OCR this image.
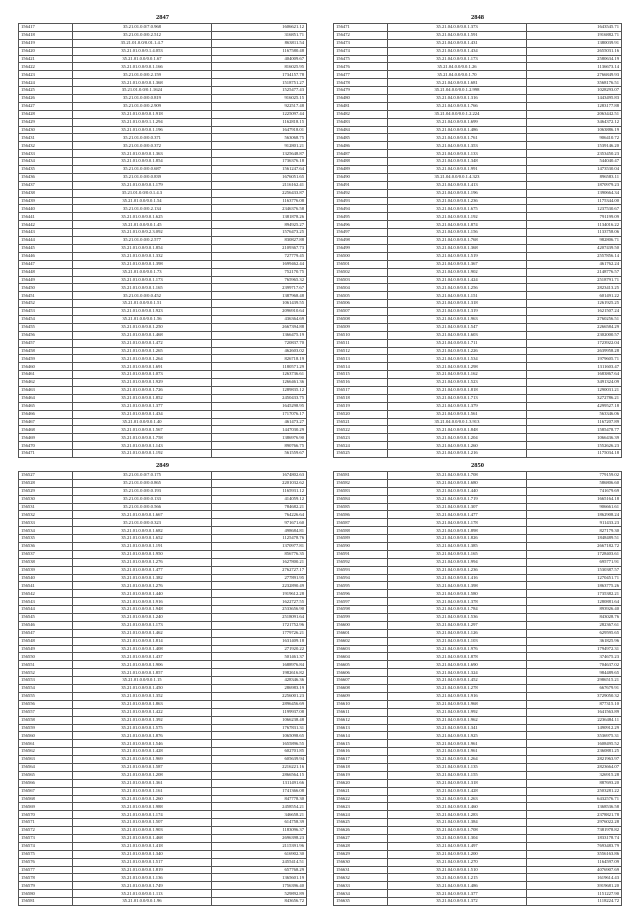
2847
156417	35.21.01.0.0/7.0.968	1606621.12
156418	35.21.01.0.0/0.2.512	316851.71
156419	35.21.01.0.0/0.01.1.4.7	863811.54
156420	35.21.01.0.0/0.1.4.053	1167580.48
156421	35.21.01.0.0/0.0.1.67	404009.67
156422	35.21.01.0.0/0.0.1.166	816025.95
156423	35.21.01.0.0/0.2.159	1734157.78
156424	35.21.01.0.0/0.0.1.368	1518751.27
156425	35.21.01.0.0/0.1.1624	1525477.43
156426	35.21.01.0.0/0.0.819	916025.15
156427	35.21.01.0.0/0.2.909	922517.48
156428	35.21.01.0.0/0.0.1.918	1225097.44
156429	35.21.01.0.0/0.1.1.294	1162818.15
156430	35.21.01.0.0/0.0.1.196	1647918.01
156431	35.21.01.0.0/0.0.371	563068.75
156432	35.21.01.0.0/0.0.372	912801.21
156433	35.21.01.0.0/0.0.1.363	1325648.87
156434	35.21.01.0.0/0.0.1.854	1736376.18
156435	35.21.01.0.0/0.0.687	1561247.64
156436	35.21.01.0.0/0.0.839	1676051.65
156437	35.21.01.0.0/0.0.1.179	2116162.41
156438	35.21.01.0.0/0.0.1.4.3	2256433.87
156439	35.21.01.0.0/0.0.1.54	1163776.08
156440	35.21.01.0.0/0.2.134	2346376.58
156441	35.21.01.0.0/0.0.1.625	1381878.26
156442	35.21.01.0.0/0.0.1.45	894925.27
156443	35.21.01.0.0/0.2.3.092	1576473.25
156444	35.21.01.0.0/0.2.577	830827.88
156445	35.21.01.0.0/0.0.1.854	2109367.73
156446	35.21.01.0.0/0.0.1.332	727779.45
156447	35.21.01.0.0/0.0.1.398	1699462.44
156448	35.21.01.0.0/0.0.1.73	752170.75
156449	35.21.01.0.0/0.0.1.173	765965.32
156450	35.21.01.0.0/0.0.1.165	2399717.67
156451	35.21.01.0.0/0.0.452	1387968.48
156452	35.21.01.0.0/0.0.1.51	1061439.55
156453	35.21.01.0.0/0.0.1.923	2096910.64
156454	35.21.01.0.0/0.0.1.56	436364.69
156455	35.21.01.0.0/0.0.1.250	2667394.88
156456	35.21.01.0.0/0.0.1.468	1366475.19
156457	35.21.01.0.0/0.0.1.472	720837.70
156458	35.21.01.0.0/0.0.1.265	462603.02
156459	35.21.01.0.0/0.0.1.264	826718.19
156460	35.21.01.0.0/0.0.1.691	1180571.29
156461	35.21.01.0.0/0.0.1.073	1263736.61
156462	35.21.01.0.0/0.0.1.929	1266461.36
156463	35.21.01.0.0/0.0.1.726	1289835.12
156464	35.21.01.0.0/0.0.1.852	2450433.75
156465	35.21.01.0.0/0.0.1.377	1645298.95
156466	35.21.01.0.0/0.0.1.434	1717076.17
156467	35.21.01.0.0/0.0.1.40	461473.27
156468	35.21.01.0.0/0.0.1.567	1447030.29
156469	35.21.01.0.0/0.0.1.758	1386976.90
156470	35.21.01.0.0/0.0.1.143	890766.75
156471	35.21.01.0.0/0.0.1.192	561559.67
2848
156471	35.21.04.0.0/0.0.1.373	1643545.71
156472	35.21.04.0.0/0.0.1.591	1916882.71
156473	35.21.04.0.0/0.0.1.431	1380039.91
156474	35.21.04.0.0/0.0.1.434	2655031.16
156475	35.21.04.0.0/0.0.1.173	2580634.19
156476	35.21.04.0.0/0.0.1.26	1136673.14
156477	35.21.04.0.0/0.0.1.70	2766849.93
156478	35.21.04.0.0/0.0.1.681	3568176.51
156479	35.21.04.0.0/0.0.1.2.998	1028293.07
156480	35.21.04.0.0/0.0.1.316	1443495.83
156481	35.21.04.0.0/0.0.1.766	1283177.88
156482	35.21.04.0.0/0.0.1.2.224	2063442.51
156483	35.21.04.0.0/0.0.1.699	3464372.12
156484	35.21.04.0.0/0.0.1.486	1063886.19
156485	35.21.04.0.0/0.0.1.761	906410.72
156486	35.21.04.0.0/0.0.1.353	1539146.20
156487	35.21.04.0.0/0.0.1.133	2353450.23
156488	35.21.04.0.0/0.0.1.348	544040.47
156489	35.21.04.0.0/0.0.1.991	1473530.04
156490	35.21.04.0.0/0.0.1.4.323	896583.11
156491	35.21.04.0.0/0.0.1.413	1870979.23
156492	35.21.04.0.0/0.0.1.196	1390664.34
156493	35.21.04.0.0/0.0.1.236	1175344.00
156494	35.21.04.0.0/0.0.1.675	1237530.67
156495	35.21.04.0.0/0.0.1.192	791199.09
156496	35.21.04.0.0/0.0.1.874	1134016.22
156497	35.21.04.0.0/0.0.1.156	1133758.06
156498	35.21.04.0.0/0.0.1.768	982806.71
156499	35.21.04.0.0/0.0.1.368	4207439.50
156500	35.21.04.0.0/0.0.1.519	2557856.14
156501	35.21.04.0.0/0.0.1.367	461762.24
156502	35.21.04.0.0/0.0.1.902	2148776.57
156503	35.21.04.0.0/0.0.1.424	2518791.71
156504	35.21.04.0.0/0.0.1.256	2823413.25
156505	35.21.04.0.0/0.0.1.151	601491.22
156506	35.21.04.0.0/0.0.1.318	1261925.25
156507	35.21.04.0.0/0.0.1.319	1621507.24
156508	35.21.04.0.0/0.0.1.963	2760256.51
156509	35.21.04.0.0/0.0.1.547	2266584.29
156510	35.21.04.0.0/0.0.1.603	2302000.57
156511	35.21.04.0.0/0.0.1.711	1723922.04
156512	35.21.04.0.0/0.0.1.226	2639958.28
156513	35.21.04.0.0/0.0.1.534	1979605.71
156514	35.21.04.0.0/0.0.1.298	1311603.47
156515	35.21.04.0.0/0.0.1.162	1683867.64
156516	35.21.04.0.0/0.0.1.523	3491324.09
156517	35.21.04.0.0/0.0.1.818	1290031.21
156518	35.21.04.0.0/0.0.1.713	3272786.21
156519	35.21.04.0.0/0.0.1.379	4299527.18
156520	35.21.04.0.0/0.0.1.561	563346.06
156521	35.21.04.0.0/0.0.1.3.913	1167207.89
156522	35.21.04.0.0/0.0.1.848	1585478.77
156523	35.21.04.0.0/0.0.1.204	1066436.39
156524	35.21.04.0.0/0.0.1.260	1552626.23
156525	35.21.04.0.0/0.0.1.216	1175034.18
2849
156527	35.21.01.0.0/7.0.175	1674802.63
156528	35.21.01.0.0/0.0.865	2201032.62
156529	35.21.01.0.0/0.0.193	1165931.12
156530	35.21.01.0.0/0.0.133	414059.12
156531	35.21.01.0.0/0.0.566	784682.21
156532	35.21.01.0.0/0.0.1.667	764226.64
156533	35.21.01.0.0/0.0.323	971671.60
156534	35.21.01.0.0/0.0.1.682	498684.81
156535	35.21.01.0.0/0.0.1.652	1125478.76
156536	35.21.01.0.0/0.0.1.191	1370977.81
156537	35.21.01.0.0/0.0.1.950	856776.35
156538	35.21.01.0.0/0.0.1.276	1627800.21
156539	35.21.01.0.0/0.0.1.477	2762727.17
156540	35.21.01.0.0/0.0.1.382	277891.95
156541	35.21.01.0.0/0.0.1.276	2232890.49
156542	35.21.01.0.0/0.0.1.440	1919612.28
156543	35.21.01.0.0/0.0.1.916	1622727.55
156544	35.21.01.0.0/0.0.1.948	2533656.90
156545	35.21.01.0.0/0.0.1.240	2518091.64
156546	35.21.01.0.0/0.0.1.173	1721752.96
156547	35.21.01.0.0/0.0.1.462	1779726.21
156548	35.21.01.0.0/0.0.1.814	1631409.18
156549	35.21.01.0.0/0.0.1.408	271920.22
156550	35.21.01.0.0/0.0.1.437	501461.37
156551	35.21.01.0.0/0.0.1.906	1688976.84
156552	35.21.01.0.0/0.0.1.857	1982616.82
156553	35.21.01.0.0/0.0.1.15	428346.36
156554	35.21.01.0.0/0.0.1.450	286983.19
156555	35.21.01.0.0/0.0.1.352	2256001.23
156556	35.21.01.0.0/0.0.1.863	2896456.69
156557	35.21.01.0.0/0.0.1.422	1199937.08
156558	35.21.01.0.0/0.0.1.392	1066238.48
156559	35.21.01.0.0/0.0.1.575	1767831.31
156560	35.21.01.0.0/0.0.1.876	1065098.65
156561	35.21.01.0.0/0.0.1.546	1655896.55
156562	35.21.01.0.0/0.0.1.428	602701.85
156563	35.21.01.0.0/0.0.1.969	605639.94
156564	35.21.01.0.0/0.0.1.587	2216221.16
156565	35.21.01.0.0/0.0.1.208	2866564.15
156566	35.21.01.0.0/0.0.1.361	1311491.66
156567	35.21.01.0.0/0.0.1.161	1741366.08
156568	35.21.01.0.0/0.0.1.260	847778.30
156569	35.21.01.0.0/0.0.1.988	2458554.21
156570	35.21.01.0.0/0.0.1.174	346658.21
156571	35.21.01.0.0/0.0.1.507	614758.39
156572	35.21.01.0.0/0.0.1.903	1183096.37
156573	35.21.01.0.0/0.0.1.468	2696398.23
156574	35.21.01.0.0/0.0.1.418	2115391.96
156575	35.21.01.0.0/0.0.1.340	616902.30
156576	35.21.01.0.0/0.0.1.517	2455414.51
156577	35.21.01.0.0/0.0.1.819	657768.29
156578	35.21.01.0.0/0.0.1.136	1365601.19
156579	35.21.01.0.0/0.0.1.749	1756396.40
156580	35.21.01.0.0/0.0.1.113	529892.89
156581	35.21.01.0.0/0.0.1.96	843656.72
2850
156581	35.21.04.0.0/0.0.1.708	779159.02
156582	35.21.04.0.0/0.0.1.680	586806.60
156583	35.21.04.0.0/0.0.1.440	741679.69
156584	35.21.04.0.0/0.0.1.719	1665164.18
156585	35.21.04.0.0/0.0.1.307	906661.61
156586	35.21.04.0.0/0.0.1.477	1862908.24
156587	35.21.04.0.0/0.0.1.178	911433.23
156588	35.21.04.0.0/0.0.1.898	827179.30
156589	35.21.04.0.0/0.0.1.826	1848489.51
156590	35.21.04.0.0/0.0.1.385	2667182.72
156591	35.21.04.0.0/0.0.1.165	1728403.61
156592	35.21.04.0.0/0.0.1.994	695771.91
156593	35.21.04.0.0/0.0.1.236	1530387.57
156594	35.21.04.0.0/0.0.1.416	1270451.71
156595	35.21.04.0.0/0.0.1.398	1863775.26
156596	35.21.04.0.0/0.0.1.580	1735382.21
156597	35.21.04.0.0/0.0.1.378	1280881.64
156598	35.21.04.0.0/0.0.1.784	893926.40
156599	35.21.04.0.0/0.0.1.536	843028.76
156600	35.21.04.0.0/0.0.1.297	282367.61
156601	35.21.04.0.0/0.0.1.126	629595.65
156602	35.21.04.0.0/0.0.1.103	361825.96
156603	35.21.04.0.0/0.0.1.976	1794972.31
156604	35.21.04.0.0/0.0.1.878	374675.23
156605	35.21.04.0.0/0.0.1.690	704637.02
156606	35.21.04.0.0/0.0.1.324	984489.65
156607	35.21.04.0.0/0.0.1.452	2986515.21
156608	35.21.04.0.0/0.0.1.278	667679.91
156609	35.21.04.0.0/0.0.1.916	3729050.32
156610	35.21.04.0.0/0.0.1.968	877315.10
156611	35.21.04.0.0/0.0.1.992	1641563.89
156612	35.21.04.0.0/0.0.1.962	2236484.11
156613	35.21.04.0.0/0.0.1.341	1490912.29
156614	35.21.04.0.0/0.0.1.925	3536975.31
156615	35.21.04.0.0/0.0.1.961	1608495.52
156616	35.21.04.0.0/0.0.1.961	2360881.25
156617	35.21.04.0.0/0.0.1.264	2821963.97
156618	35.21.04.0.0/0.0.1.135	2823664.07
156619	35.21.04.0.0/0.0.1.155	326915.28
156620	35.21.04.0.0/0.0.1.318	887693.20
156621	35.21.04.0.0/0.0.1.428	2503281.22
156622	35.21.04.0.0/0.0.1.263	6432576.71
156623	35.21.04.0.0/0.0.1.460	1368536.58
156624	35.21.04.0.0/0.0.1.283	2378821.78
156625	35.21.04.0.0/0.0.1.384	2976022.28
156626	35.21.04.0.0/0.0.1.708	7381978.82
156627	35.21.04.0.0/0.0.1.304	1833178.74
156628	35.21.04.0.0/0.0.1.497	7693483.79
156629	35.21.04.0.0/0.0.1.200	3556163.86
156630	35.21.04.0.0/0.0.1.270	1164597.09
156631	35.21.04.0.0/0.0.1.510	4076907.69
156632	35.21.04.0.0/0.0.1.215	1619614.43
156633	35.21.04.0.0/0.0.1.486	3919681.20
156634	35.21.04.0.0/0.0.1.377	1151227.90
156635	35.21.04.0.0/0.0.1.372	1118224.72
